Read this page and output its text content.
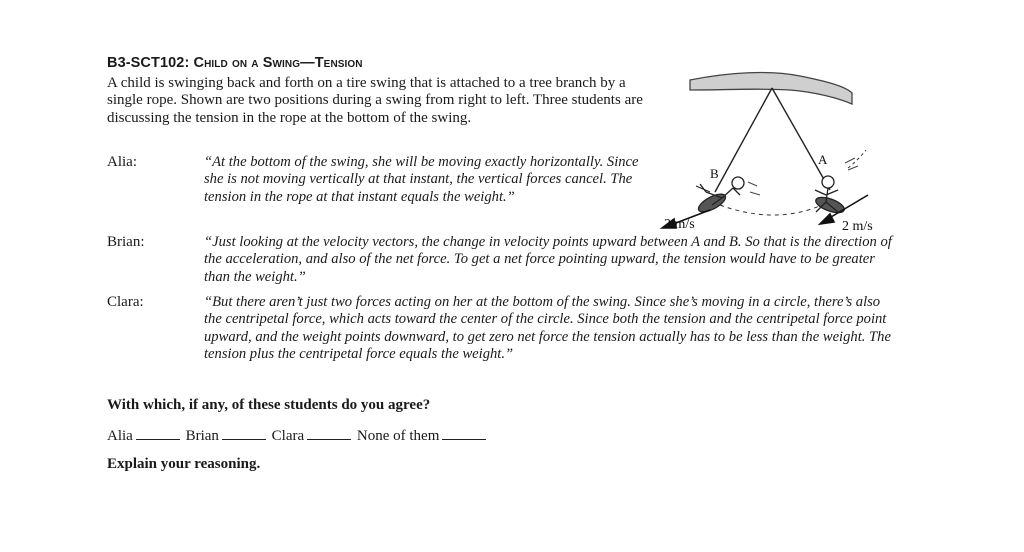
B3-SCT102: Child on a Swing—Tension
A child is swinging back and forth on a tire swing that is attached to a tree branch by a single rope. Shown are two positions during a swing from right to left. Three students are discussing the tension in the rope at the bottom of the swing.
Alia:	“At the bottom of the swing, she will be moving exactly horizontally. Since she is not moving vertically at that instant, the vertical forces cancel. The tension in the rope at that instant equals the weight.”
Brian:	“Just looking at the velocity vectors, the change in velocity points upward between A and B. So that is the direction of the acceleration, and also of the net force. To get a net force pointing upward, the tension would have to be greater than the weight.”
Clara:	“But there aren’t just two forces acting on her at the bottom of the swing. Since she’s moving in a circle, there’s also the centripetal force, which acts toward the center of the circle. Since both the tension and the centripetal force point upward, and the weight points downward, to get zero net force the tension actually has to be less than the weight. The tension plus the centripetal force equals the weight.”
With which, if any, of these students do you agree?
Alia	Brian	Clara	None of them
Explain your reasoning.
A
B
2 m/s	2 m/s
